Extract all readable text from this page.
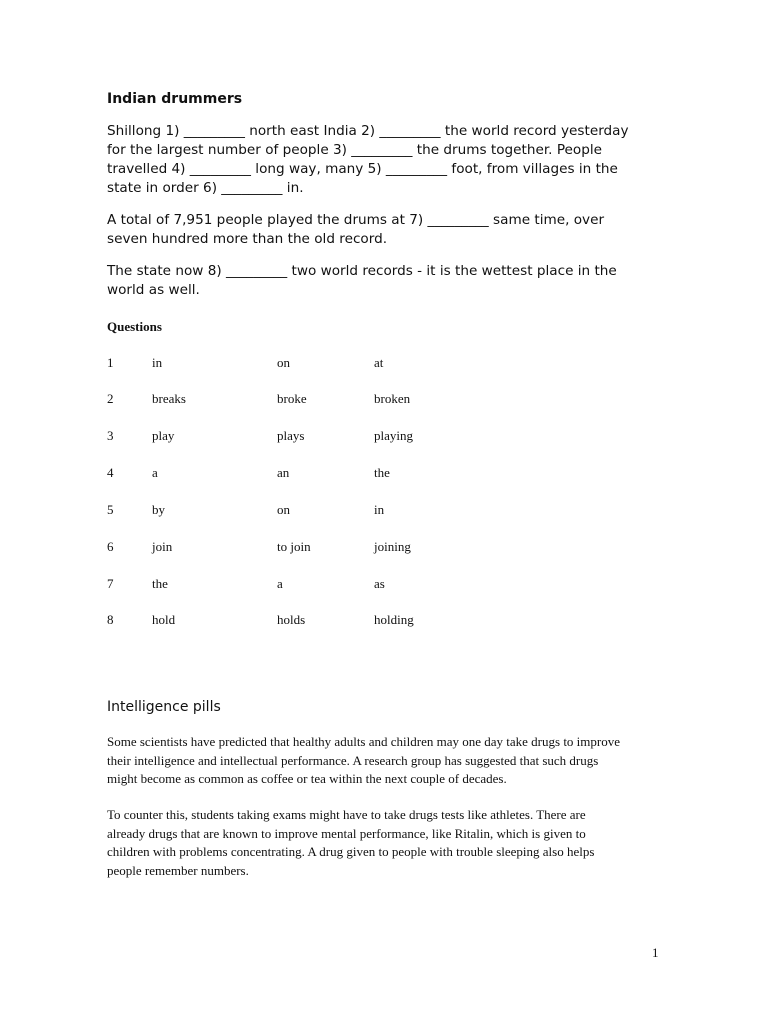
Indian drummers
Shillong 1) _________ north east India 2) _________ the world record yesterday
for the largest number of people 3) _________ the drums together. People
travelled 4) _________ long way, many 5) _________ foot, from villages in the
state in order 6) _________ in.
A total of 7,951 people played the drums at 7) _________ same time, over
seven hundred more than the old record.
The state now 8) _________ two world records - it is the wettest place in the
world as well.
Questions
1	in	on	at
2	breaks	broke	broken
3	play	plays	playing
4	a	an	the
5	by	on	in
6	join	to join	joining
7	the	a	as
8	hold	holds	holding
Intelligence pills
Some scientists have predicted that healthy adults and children may one day take drugs to improve
their intelligence and intellectual performance. A research group has suggested that such drugs
might become as common as coffee or tea within the next couple of decades.
To counter this, students taking exams might have to take drugs tests like athletes. There are
already drugs that are known to improve mental performance, like Ritalin, which is given to
children with problems concentrating. A drug given to people with trouble sleeping also helps
people remember numbers.
1
